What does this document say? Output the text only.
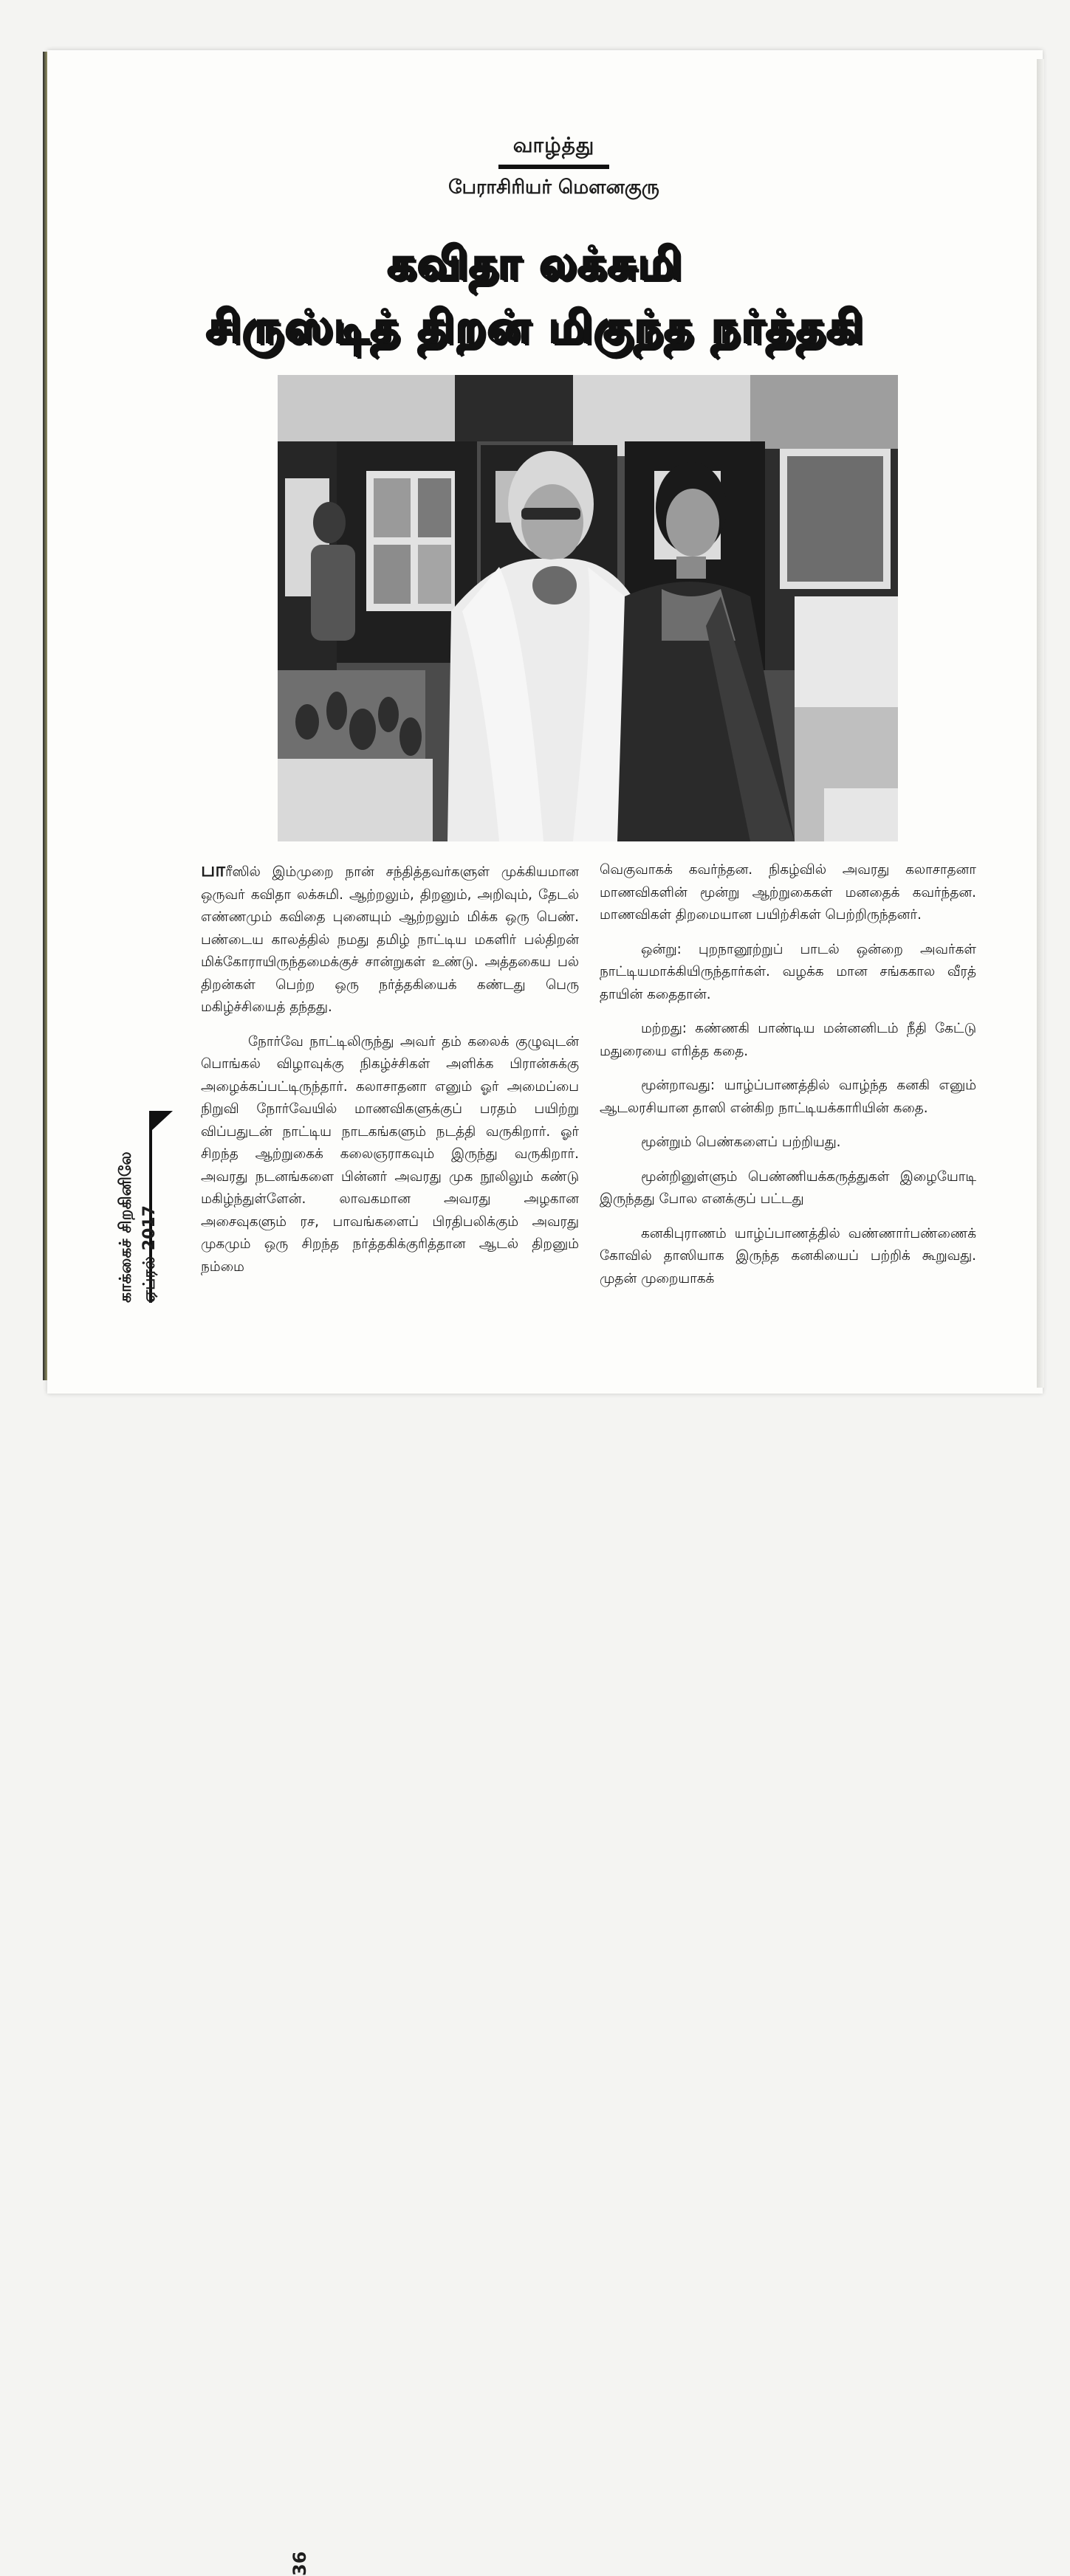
வாழ்த்து
பேராசிரியர் மௌனகுரு
கவிதா லக்சுமி
சிருஸ்டித் திறன் மிகுந்த நர்த்தகி

பாரீஸில் இம்முறை நான் சந்தித்தவர்களுள் முக்கியமான ஒருவர் கவிதா லக்சுமி. ஆற்றலும், திறனும், அறிவும், தேடல் எண்ணமும் கவிதை புனையும் ஆற்றலும் மிக்க ஒரு பெண். பண்டைய காலத்தில் நமது தமிழ் நாட்டிய மகளிர் பல்திறன் மிக்கோராயிருந்தமைக்குச் சான்றுகள் உண்டு. அத்தகைய பல் திறன்கள் பெற்ற ஒரு நர்த்தகியைக் கண்டது பெரு மகிழ்ச்சியைத் தந்தது.

நோர்வே நாட்டிலிருந்து அவர் தம் கலைக் குழுவுடன் பொங்கல் விழாவுக்கு நிகழ்ச்சிகள் அளிக்க பிரான்சுக்கு அழைக்கப்பட்டிருந்தார். கலாசாதனா எனும் ஓர் அமைப்பை நிறுவி நோர்வேயில் மாணவிகளுக்குப் பரதம் பயிற்று விப்பதுடன் நாட்டிய நாடகங்களும் நடத்தி வருகிறார். ஓர் சிறந்த ஆற்றுகைக் கலைஞராகவும் இருந்து வருகிறார். அவரது நடனங்களை பின்னர் அவரது முக நூலிலும் கண்டு மகிழ்ந்துள்ளேன். லாவகமான அவரது அழகான அசைவுகளும் ரச, பாவங்களைப் பிரதிபலிக்கும் அவரது முகமும் ஒரு சிறந்த நர்த்தகிக்குரித்தான ஆடல் திறனும் நம்மை

வெகுவாகக் கவர்ந்தன. நிகழ்வில் அவரது கலாசாதனா மாணவிகளின் மூன்று ஆற்றுகைகள் மனதைக் கவர்ந்தன. மாணவிகள் திறமையான பயிற்சிகள் பெற்றிருந்தனர்.

ஒன்று: புறநானூற்றுப் பாடல் ஒன்றை அவர்கள் நாட்டியமாக்கியிருந்தார்கள். வழக்க மான சங்ககால வீரத் தாயின் கதைதான்.

மற்றது: கண்ணகி பாண்டிய மன்னனிடம் நீதி கேட்டு மதுரையை எரித்த கதை.

மூன்றாவது: யாழ்ப்பாணத்தில் வாழ்ந்த கனகி எனும் ஆடலரசியான தாஸி என்கிற நாட்டியக்காரியின் கதை.

மூன்றும் பெண்களைப் பற்றியது.

மூன்றினுள்ளும் பெண்ணியக்கருத்துகள் இழையோடி இருந்தது போல எனக்குப் பட்டது

கனகிபுராணம் யாழ்ப்பாணத்தில் வண்ணார்பண்ணைக் கோவில் தாஸியாக இருந்த கனகியைப் பற்றிக் கூறுவது. முதன் முறையாகக்

காக்கைச் சிறகினிலே ஏப்ரல் 2017
36
